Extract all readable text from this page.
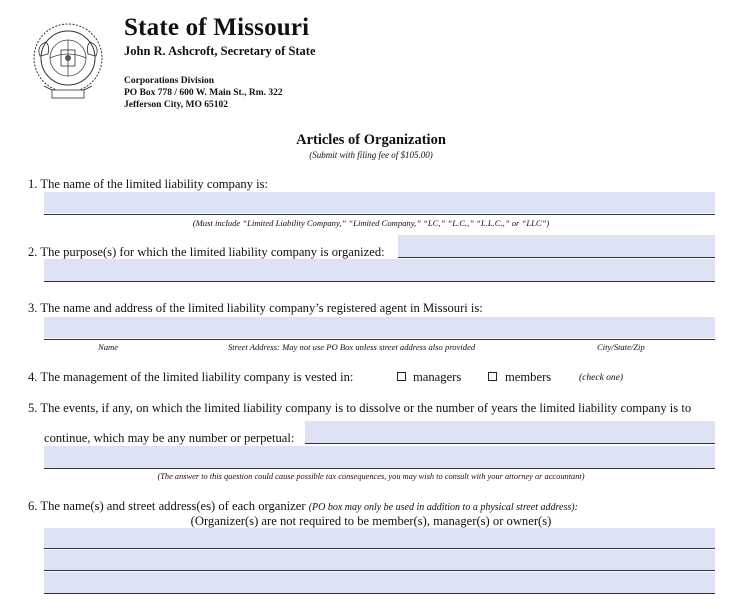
State of Missouri
John R. Ashcroft, Secretary of State
Corporations Division
PO Box 778 / 600 W. Main St., Rm. 322
Jefferson City, MO 65102
Articles of Organization
(Submit with filing fee of $105.00)
1. The name of the limited liability company is:
(Must include “Limited Liability Company,” “Limited Company,” “LC,” “L.C.,” “L.L.C.,” or “LLC”)
2. The purpose(s) for which the limited liability company is organized:
3. The name and address of the limited liability company’s registered agent in Missouri is:
Name	Street Address: May not use PO Box unless street address also provided	City/State/Zip
4. The management of the limited liability company is vested in:	managers	members	(check one)
5. The events, if any, on which the limited liability company is to dissolve or the number of years the limited liability company is to
continue, which may be any number or perpetual:
(The answer to this question could cause possible tax consequences, you may wish to consult with your attorney or accountant)
6. The name(s) and street address(es) of each organizer (PO box may only be used in addition to a physical street address):
(Organizer(s) are not required to be member(s), manager(s) or owner(s)
